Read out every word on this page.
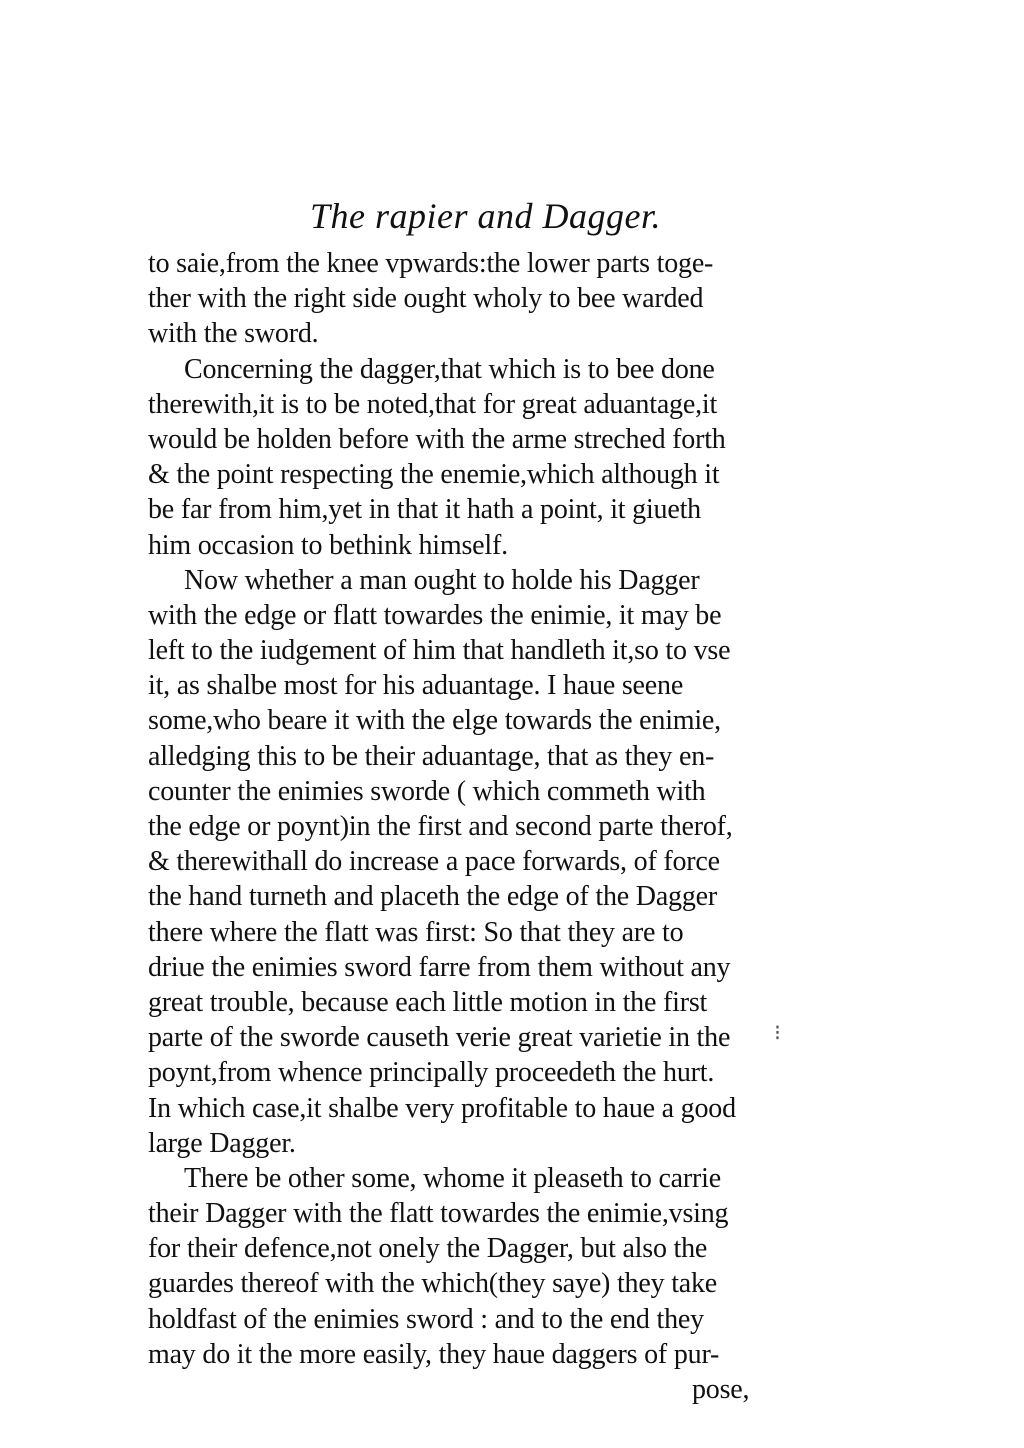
The rapier and Dagger.
to saie,from the knee vpwards:the lower parts toge-
ther with the right side ought wholy to bee warded
with the sword.
Concerning the dagger,that which is to bee done
therewith,it is to be noted,that for great aduantage,it
would be holden before with the arme streched forth
& the point respecting the enemie,which although it
be far from him,yet in that it hath a point, it giueth
him occasion to bethink himself.
Now whether a man ought to holde his Dagger
with the edge or flatt towardes the enimie, it may be
left to the iudgement of him that handleth it,so to vse
it, as shalbe most for his aduantage. I haue seene
some,who beare it with the elge towards the enimie,
alledging this to be their aduantage, that as they en-
counter the enimies sworde ( which commeth with
the edge or poynt)in the first and second parte therof,
& therewithall do increase a pace forwards, of force
the hand turneth and placeth the edge of the Dagger
there where the flatt was first: So that they are to
driue the enimies sword farre from them without any
great trouble, because each little motion in the first
parte of the sworde causeth verie great varietie in the
poynt,from whence principally proceedeth the hurt.
In which case,it shalbe very profitable to haue a good
large Dagger.
There be other some, whome it pleaseth to carrie
their Dagger with the flatt towardes the enimie,vsing
for their defence,not onely the Dagger, but also the
guardes thereof with the which(they saye) they take
holdfast of the enimies sword : and to the end they
may do it the more easily, they haue daggers of pur-
pose,
⁝
